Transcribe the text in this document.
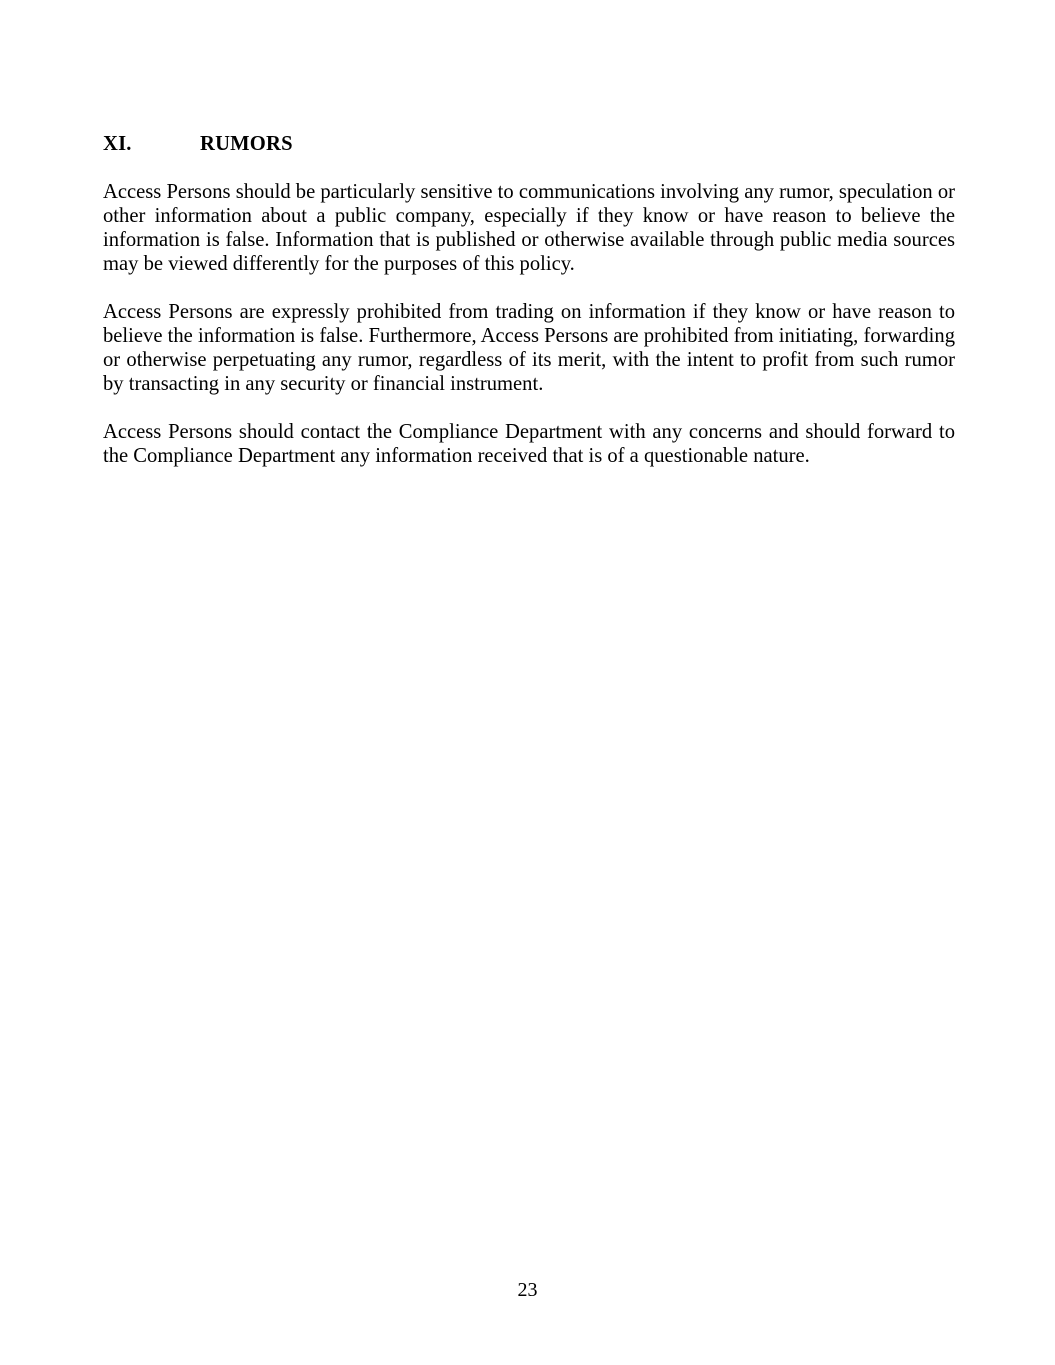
XI.	RUMORS

Access Persons should be particularly sensitive to communications involving any rumor, speculation or other information about a public company, especially if they know or have reason to believe the information is false. Information that is published or otherwise available through public media sources may be viewed differently for the purposes of this policy.

Access Persons are expressly prohibited from trading on information if they know or have reason to believe the information is false. Furthermore, Access Persons are prohibited from initiating, forwarding or otherwise perpetuating any rumor, regardless of its merit, with the intent to profit from such rumor by transacting in any security or financial instrument.

Access Persons should contact the Compliance Department with any concerns and should forward to the Compliance Department any information received that is of a questionable nature.

23
